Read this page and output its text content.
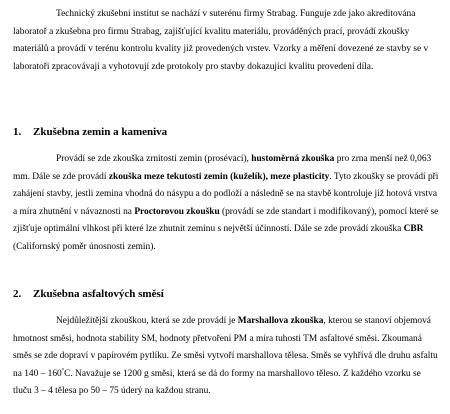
Technický zkušební institut se nachází v suterénu firmy Strabag. Funguje zde jako akreditována laboratoř a zkušebna pro firmu Strabag, zajišťující kvalitu materiálu, prováděných prací, provádí zkoušky materiálů a provádí v terénu kontrolu kvality již provedených vrstev. Vzorky a měření dovezené ze stavby se v laboratoři zpracovávají a vyhotovují zde protokoly pro stavby dokazující kvalitu provedení díla.

1. Zkušebna zemin a kameniva

Provádí se zde zkouška zrnitosti zemin (prosévací), hustoměrná zkouška pro zrna menší než 0,063 mm. Dále se zde provádí zkouška meze tekutosti zemin (kuželík), meze plasticity. Tyto zkoušky se provádí při zahájení stavby, jestli zemina vhodná do násypu a do podloží a následně se na stavbě kontroluje již hotová vrstva a míra zhutnění v návaznosti na Proctorovou zkoušku (provádí se zde standart i modifikovaný), pomocí které se zjišťuje optimální vlhkost při které lze zhutnit zeminu s největší účinností. Dále se zde provádí zkouška CBR (Californský poměr únosnosti zemin).

2. Zkušebna asfaltových směsí

Nejdůležitější zkouškou, která se zde provádí je Marshallova zkouška, kterou se stanoví objemová hmotnost směsi, hodnota stability SM, hodnoty přetvoření PM a míra tuhosti TM asfaltové směsi. Zkoumaná směs se zde dopraví v papírovém pytlíku. Ze směsi vytvoří marshallova tělesa. Směs se vyhřívá dle druhu asfaltu na 140 – 160°C. Navažuje se 1200 g směsi, která se dá do formy na marshallovo těleso. Z každého vzorku se tluču 3 – 4 tělesa po 50 – 75 úderý na každou stranu.
